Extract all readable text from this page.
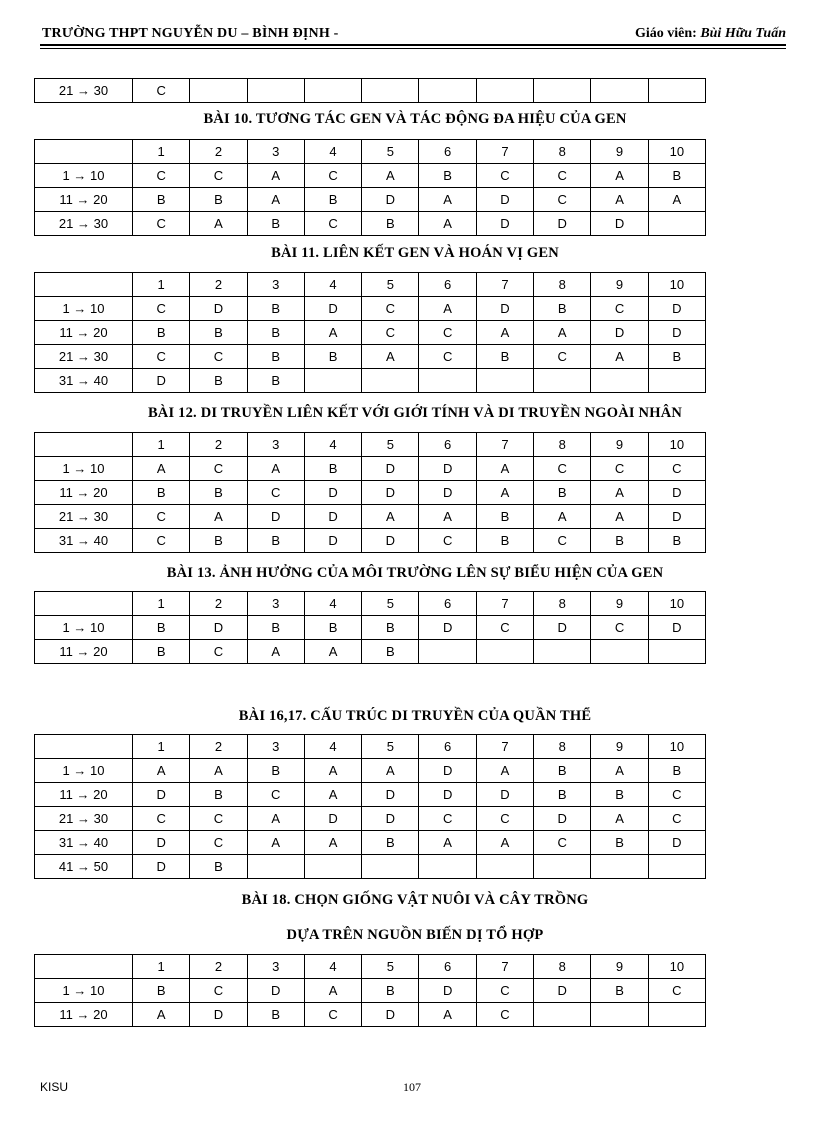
TRƯỜNG THPT NGUYỄN DU – BÌNH ĐỊNH -	Giáo viên: Bùi Hữu Tuấn
21 → 30	C									
BÀI 10. TƯƠNG TÁC GEN VÀ TÁC ĐỘNG ĐA HIỆU CỦA GEN
	1	2	3	4	5	6	7	8	9	10
1 → 10	C	C	A	C	A	B	C	C	A	B
11 → 20	B	B	A	B	D	A	D	C	A	A
21 → 30	C	A	B	C	B	A	D	D	D	
BÀI 11. LIÊN KẾT GEN VÀ HOÁN VỊ GEN
	1	2	3	4	5	6	7	8	9	10
1 → 10	C	D	B	D	C	A	D	B	C	D
11 → 20	B	B	B	A	C	C	A	A	D	D
21 → 30	C	C	B	B	A	C	B	C	A	B
31 → 40	D	B	B							
BÀI 12. DI TRUYỀN LIÊN KẾT VỚI GIỚI TÍNH VÀ DI TRUYỀN NGOÀI NHÂN
	1	2	3	4	5	6	7	8	9	10
1 → 10	A	C	A	B	D	D	A	C	C	C
11 → 20	B	B	C	D	D	D	A	B	A	D
21 → 30	C	A	D	D	A	A	B	A	A	D
31 → 40	C	B	B	D	D	C	B	C	B	B
BÀI 13. ẢNH HƯỞNG CỦA MÔI TRƯỜNG LÊN SỰ BIỂU HIỆN CỦA GEN
	1	2	3	4	5	6	7	8	9	10
1 → 10	B	D	B	B	B	D	C	D	C	D
11 → 20	B	C	A	A	B					
BÀI 16,17. CẤU TRÚC DI TRUYỀN CỦA QUẦN THỂ
	1	2	3	4	5	6	7	8	9	10
1 → 10	A	A	B	A	A	D	A	B	A	B
11 → 20	D	B	C	A	D	D	D	B	B	C
21 → 30	C	C	A	D	D	C	C	D	A	C
31 → 40	D	C	A	A	B	A	A	C	B	D
41 → 50	D	B								
BÀI 18. CHỌN GIỐNG VẬT NUÔI VÀ CÂY TRỒNG
DỰA TRÊN NGUỒN BIẾN DỊ TỔ HỢP
	1	2	3	4	5	6	7	8	9	10
1 → 10	B	C	D	A	B	D	C	D	B	C
11 → 20	A	D	B	C	D	A	C			
KISU	107
